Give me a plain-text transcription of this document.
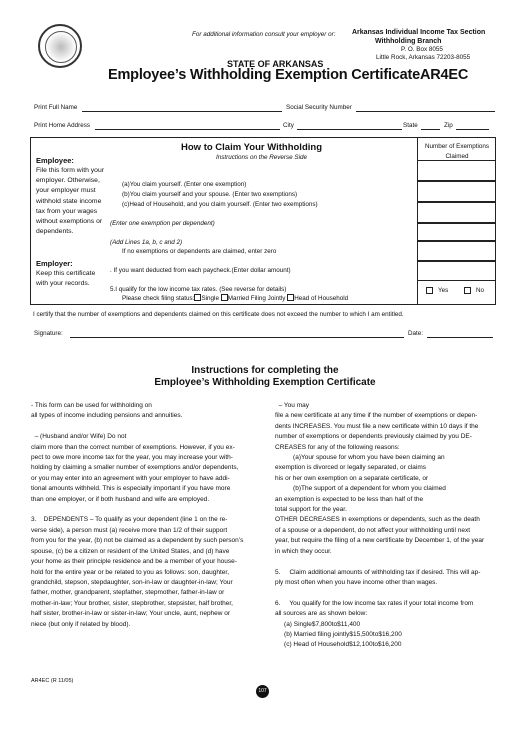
For additional information consult your employer or: Arkansas Individual Income Tax Section
Withholding Branch
P. O. Box 8055
Little Rock, Arkansas 72203-8055
STATE OF ARKANSAS
Employee’s Withholding Exemption CertificateAR4EC
Print Full Name	Social Security Number
Print Home Address	City	State	Zip
Number of Exemptions Claimed
Employee:
File this form with your employer. Otherwise, your employer must withhold state income tax from your wages without exemptions or dependents.
Employer:
Keep this certificate with your records.
How to Claim Your Withholding
Instructions on the Reverse Side
(a)You claim yourself. (Enter one exemption)
(b)You claim yourself and your spouse. (Enter two exemptions)
(c)Head of Household, and you claim yourself. (Enter two exemptions)
(Enter one exemption per dependent)
(Add Lines 1a, b, c and 2)
If no exemptions or dependents are claimed, enter zero
. If you want deducted from each paycheck.(Enter dollar amount)
5.I qualify for the low income tax rates. (See reverse for details)
Please check filing status: Single Married Filing Jointly Head of Household
Yes	No
I certify that the number of exemptions and dependents claimed on this certificate does not exceed the number to which I am entitled.
Signature:	Date:
Instructions for completing the
Employee’s Withholding Exemption Certificate

- This form can be used for withholding on

all types of income including pensions and annuities.

– (Husband and/or Wife) Do not

claim more than the correct number of exemptions. However, if you ex-

pect to owe more income tax for the year, you may increase your with-

holding by claiming a smaller number of exemptions and/or dependents,

or you may enter into an agreement with your employer to have addi-

tional amounts withheld. This is especially important if you have more

than one employer, or if both husband and wife are employed.

3.    DEPENDENTS – To qualify as your dependent (line 1 on the re-

verse side), a person must (a) receive more than 1/2 of their support

from you for the year, (b) not be claimed as a dependent by such person’s

spouse, (c) be a citizen or resident of the United States, and (d) have

your home as their principle residence and be a member of your house-

hold for the entire year or be related to you as follows: son, daughter,

grandchild, stepson, stepdaughter, son-in-law or daughter-in-law; Your

father, mother, grandparent, stepfather, stepmother, father-in-law or

mother-in-law; Your brother, sister, stepbrother, stepsister, half brother,

half sister, brother-in-law or sister-in-law; Your uncle, aunt, nephew or

niece (but only if related by blood).

– You may

file a new certificate at any time if the number of exemptions or depen-

dents INCREASES. You must file a new certificate within 10 days if the

number of exemptions or dependents previously claimed by you DE-

CREASES for any of the following reasons:

(a)Your spouse for whom you have been claiming an

exemption is divorced or legally separated, or claims

his or her own exemption on a separate certificate, or

(b)The support of a dependent for whom you claimed

an exemption is expected to be less than half of the

total support for the year.

OTHER DECREASES in exemptions or dependents, such as the death

of a spouse or a dependent, do not affect your withholding until next

year, but require the filing of a new certificate by December 1, of the year

in which they occur.

5.     Claim additional amounts of withholding tax if desired. This will ap-

ply most often when you have income other than wages.

6.     You qualify for the low income tax rates if your total income from

all sources are as shown below:

(a) Single$7,800to$11,400

(b) Married filing jointly$15,500to$16,200

(c) Head of Household$12,100to$16,200

AR4EC (R 11/05)
107
